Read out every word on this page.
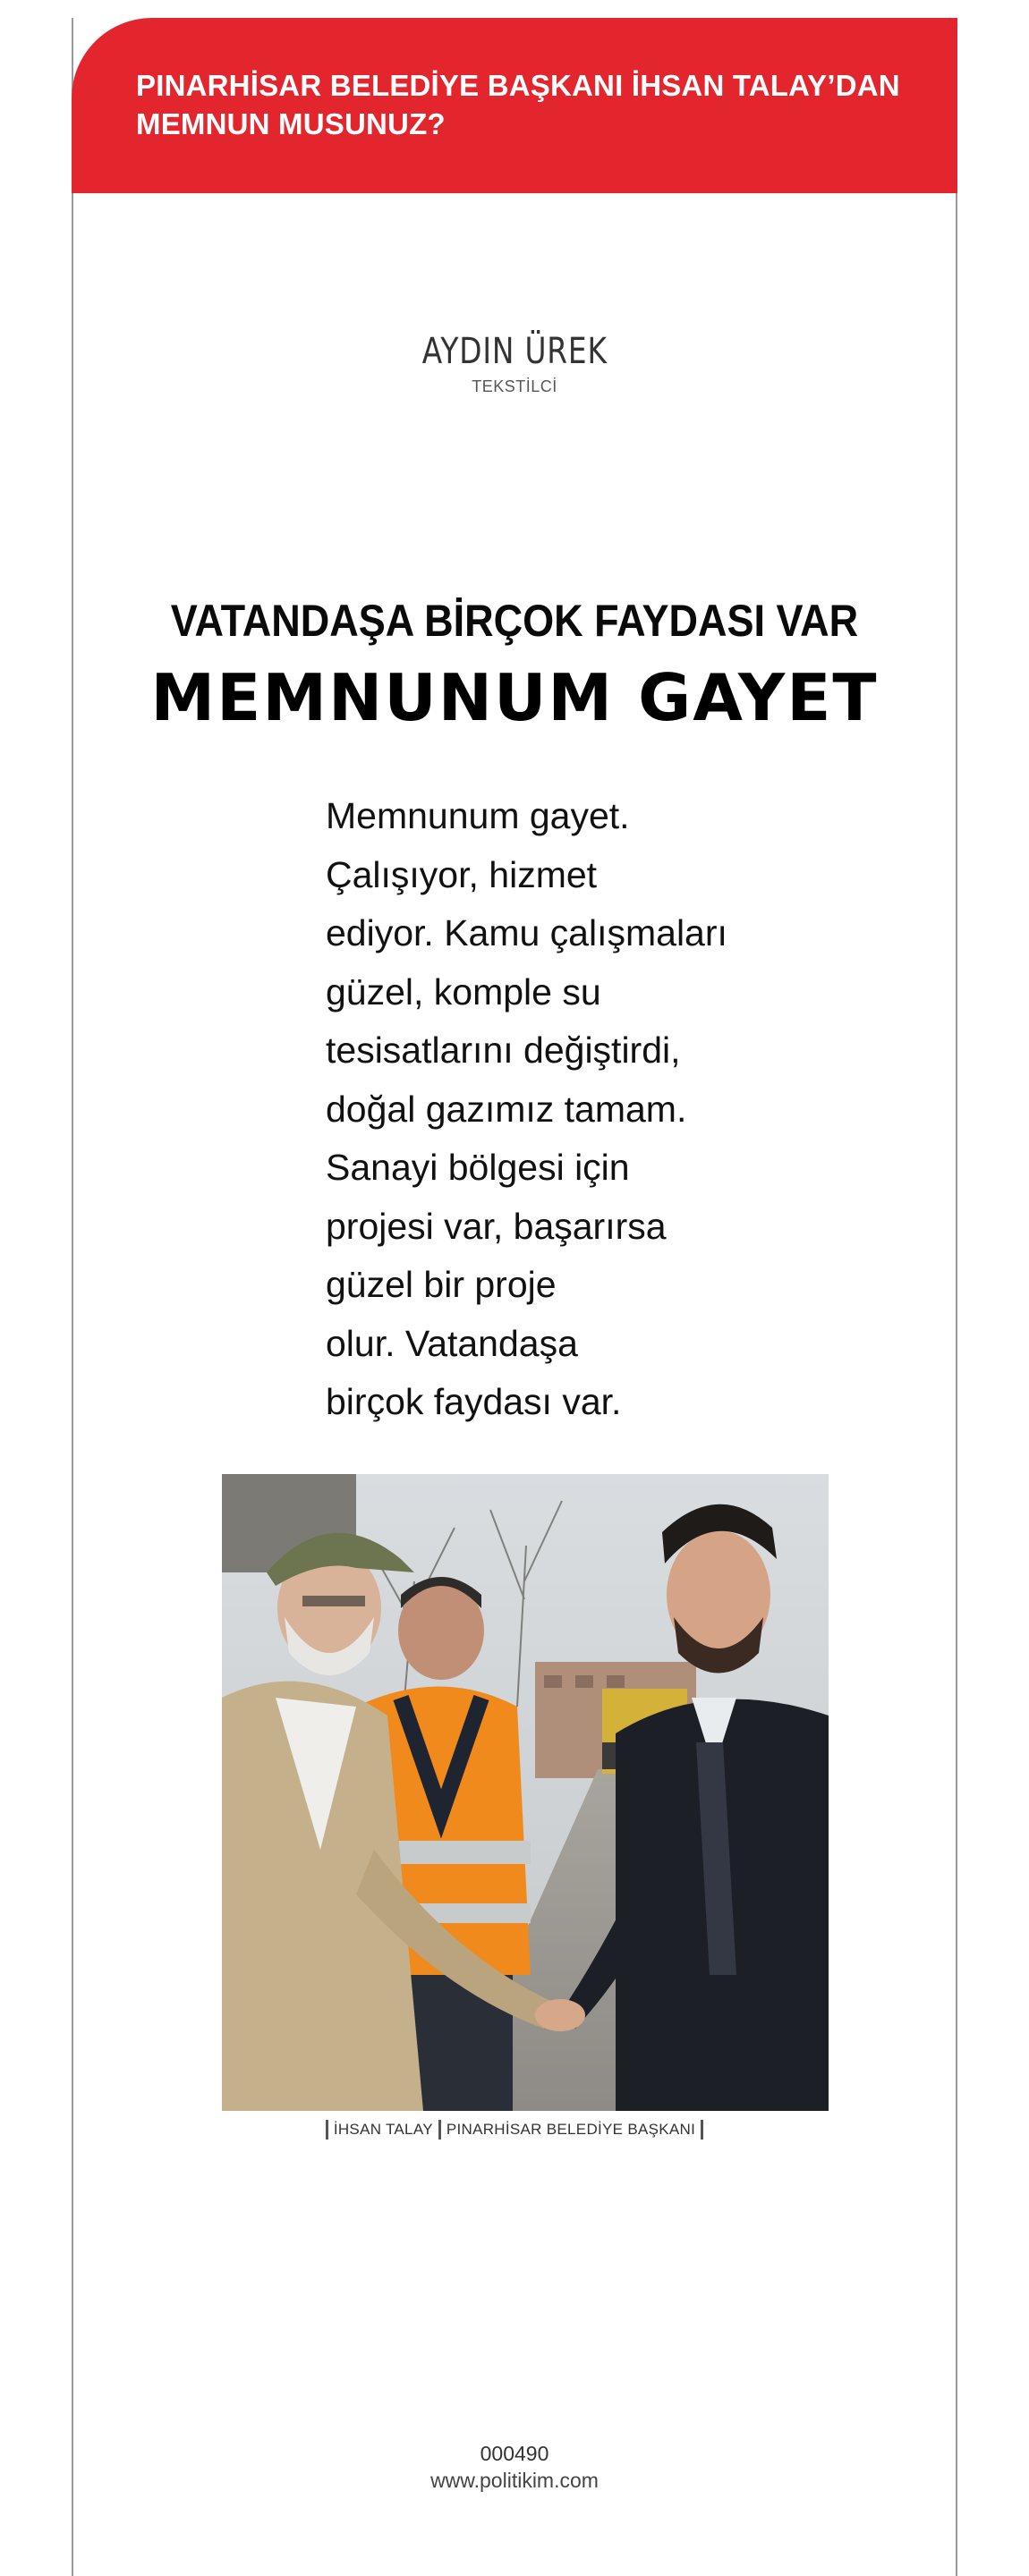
PINARHİSAR BELEDİYE BAŞKANI İHSAN TALAY’DAN
MEMNUN MUSUNUZ?
AYDIN ÜREK
TEKSTİLCİ
VATANDAŞA BİRÇOK FAYDASI VAR
MEMNUNUM GAYET
Memnunum gayet.
Çalışıyor, hizmet
ediyor. Kamu çalışmaları
güzel, komple su
tesisatlarını değiştirdi,
doğal gazımız tamam.
Sanayi bölgesi için
projesi var, başarırsa
güzel bir proje
olur. Vatandaşa
birçok faydası var.
İHSAN TALAY PINARHİSAR BELEDİYE BAŞKANI
000490
www.politikim.com
